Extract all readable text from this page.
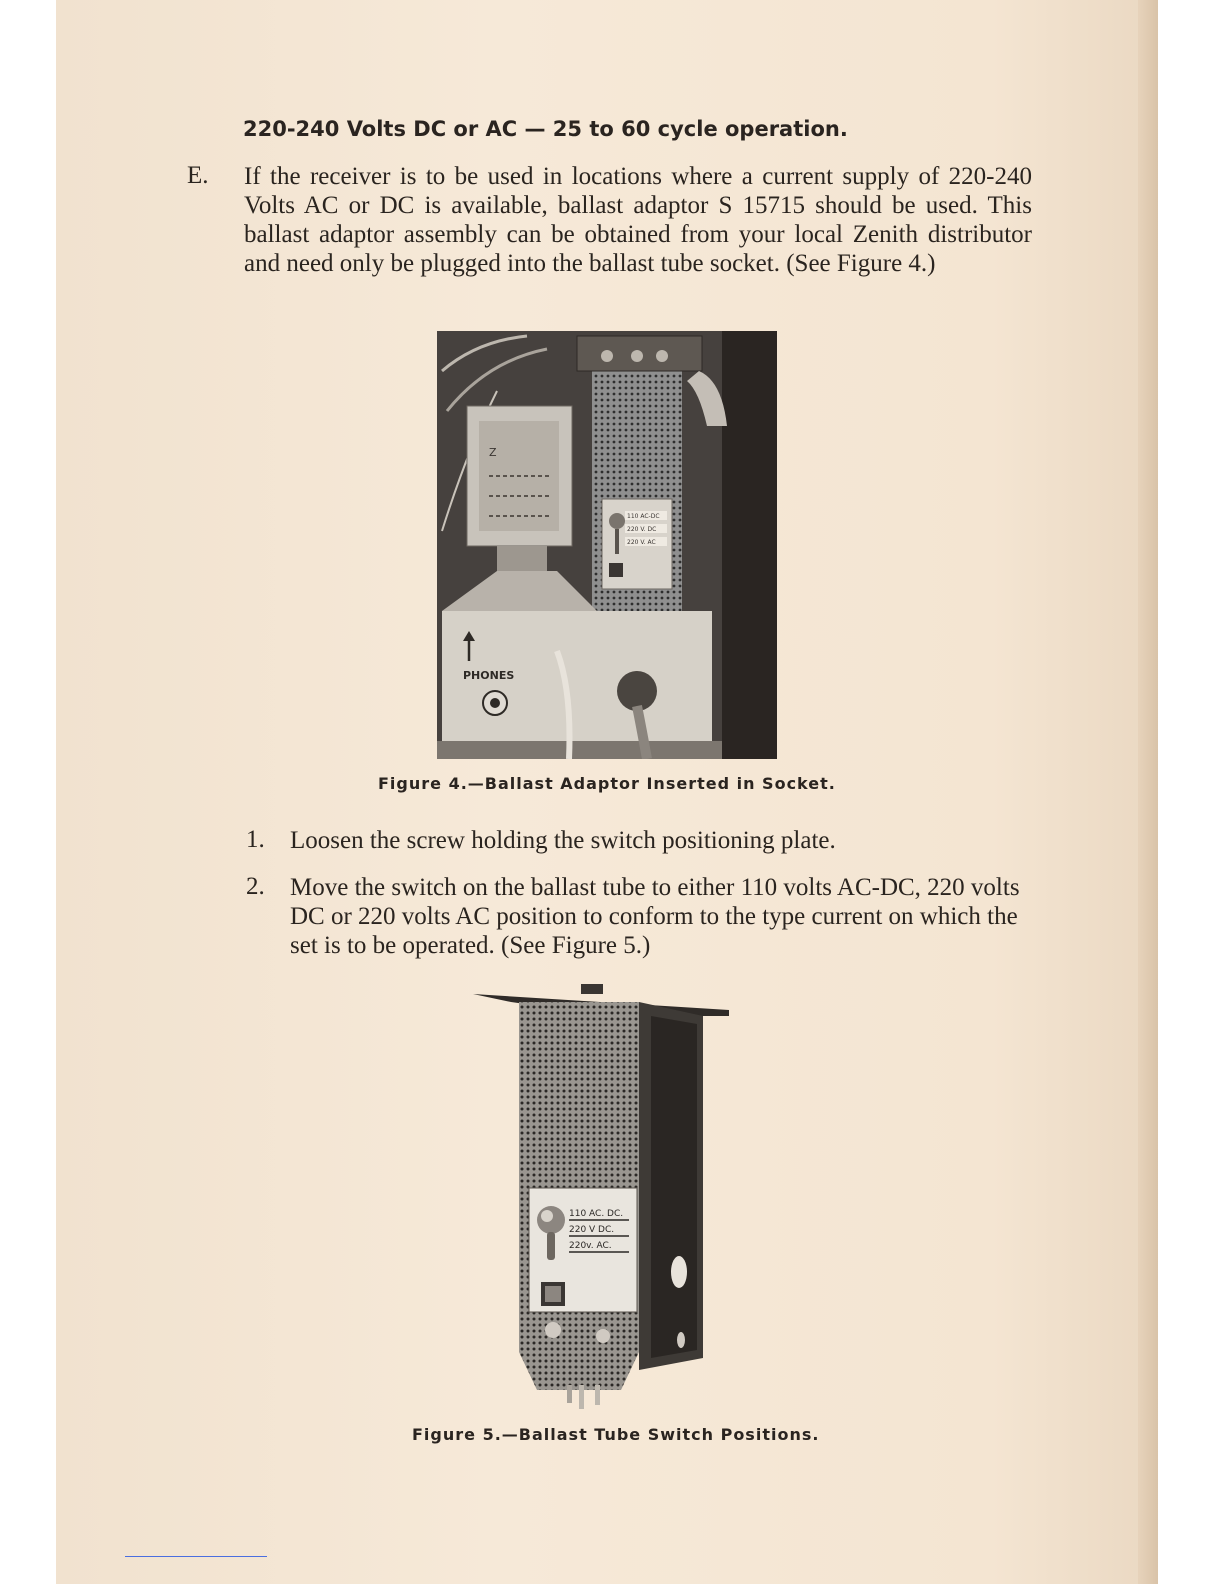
220-240 Volts DC or AC — 25 to 60 cycle operation.
E. If the receiver is to be used in locations where a current supply of 220-240 Volts AC or DC is available, ballast adaptor S 15715 should be used. This ballast adaptor assembly can be obtained from your local Zenith distributor and need only be plugged into the ballast tube socket. (See Figure 4.)

Z
110 AC-DC
220 V. DC
220 V. AC
PHONES
Figure 4.—Ballast Adaptor Inserted in Socket.
1. Loosen the screw holding the switch positioning plate.

2. Move the switch on the ballast tube to either 110 volts AC-DC, 220 volts DC or 220 volts AC position to conform to the type current on which the set is to be operated. (See Figure 5.)

110 AC. DC.
220 V DC.
220v. AC.
Figure 5.—Ballast Tube Switch Positions.
